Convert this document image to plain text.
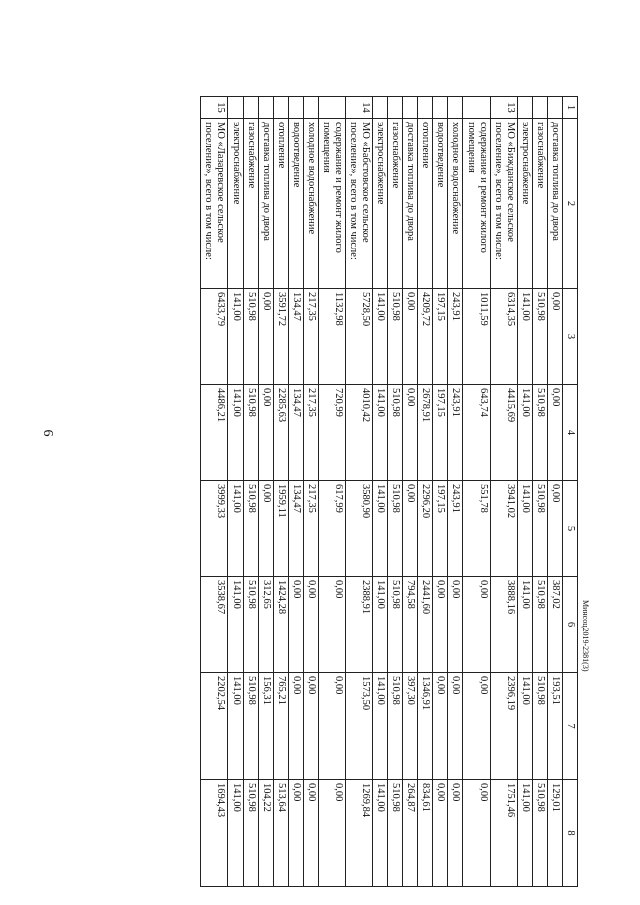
6
1	2	3	4	5	6	7	8
	доставка топлива до двора	0,00	0,00	0,00	387,02	193,51	129,01
	газоснабжение	510,98	510,98	510,98	510,98	510,98	510,98
	электроснабжение	141,00	141,00	141,00	141,00	141,00	141,00
13	МО «Бижданское сельское поселение», всего в том числе:	6314,35	4415,69	3941,02	3888,16	2396,19	1751,46
	содержание и ремонт жилого помещения	1011,59	643,74	551,78	0,00	0,00	0,00
	холодное водоснабжение	243,91	243,91	243,91	0,00	0,00	0,00
	водоотведение	197,15	197,15	197,15	0,00	0,00	0,00
	отопление	4209,72	2678,91	2296,20	2441,60	1346,91	834,61
	доставка топлива до двора	0,00	0,00	0,00	794,58	397,30	264,87
	газоснабжение	510,98	510,98	510,98	510,98	510,98	510,98
	электроснабжение	141,00	141,00	141,00	141,00	141,00	141,00
14	МО «Бабстовское сельское поселение», всего в том числе:	5728,50	4010,42	3580,90	2388,91	1573,50	1269,84
	содержание и ремонт жилого помещения	1132,98	720,99	617,99	0,00	0,00	0,00
	холодное водоснабжение	217,35	217,35	217,35	0,00	0,00	0,00
	водоотведение	134,47	134,47	134,47	0,00	0,00	0,00
	отопление	3591,72	2285,63	1959,11	1424,28	765,21	513,64
	доставка топлива до двора	0,00	0,00	0,00	312,65	156,31	104,22
	газоснабжение	510,98	510,98	510,98	510,98	510,98	510,98
	электроснабжение	141,00	141,00	141,00	141,00	141,00	141,00
15	МО «Лазаревское сельское поселение», всего в том числе:	6433,79	4486,21	3999,33	3538,67	2202,54	1694,43
Минсоц2019-2381(3)
